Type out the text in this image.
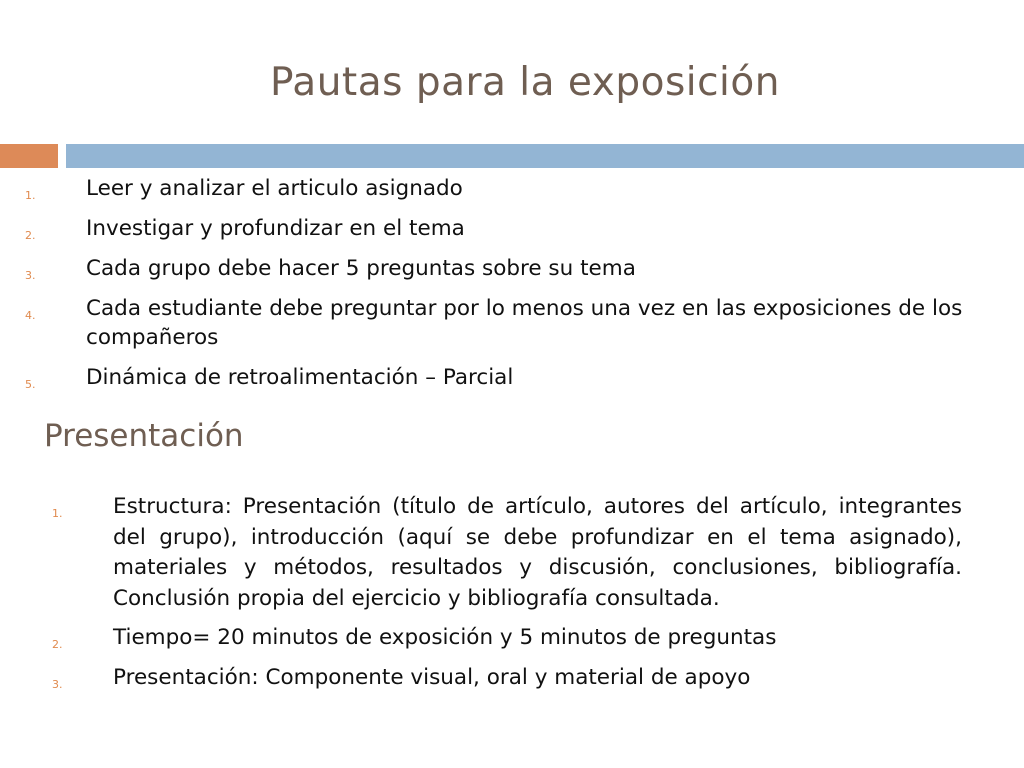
Pautas para la exposición
1. Leer y analizar el articulo asignado
2. Investigar y profundizar en el tema
3. Cada grupo debe hacer 5 preguntas sobre su tema
4. Cada estudiante debe preguntar por lo menos una vez en las exposiciones de los compañeros
5. Dinámica de retroalimentación – Parcial
Presentación
1. Estructura: Presentación (título de artículo, autores del artículo, integrantes del grupo), introducción (aquí se debe profundizar en el tema asignado), materiales y métodos, resultados y discusión, conclusiones, bibliografía. Conclusión propia del ejercicio y bibliografía consultada.
2. Tiempo= 20 minutos de exposición y 5 minutos de preguntas
3. Presentación: Componente visual, oral y material de apoyo
